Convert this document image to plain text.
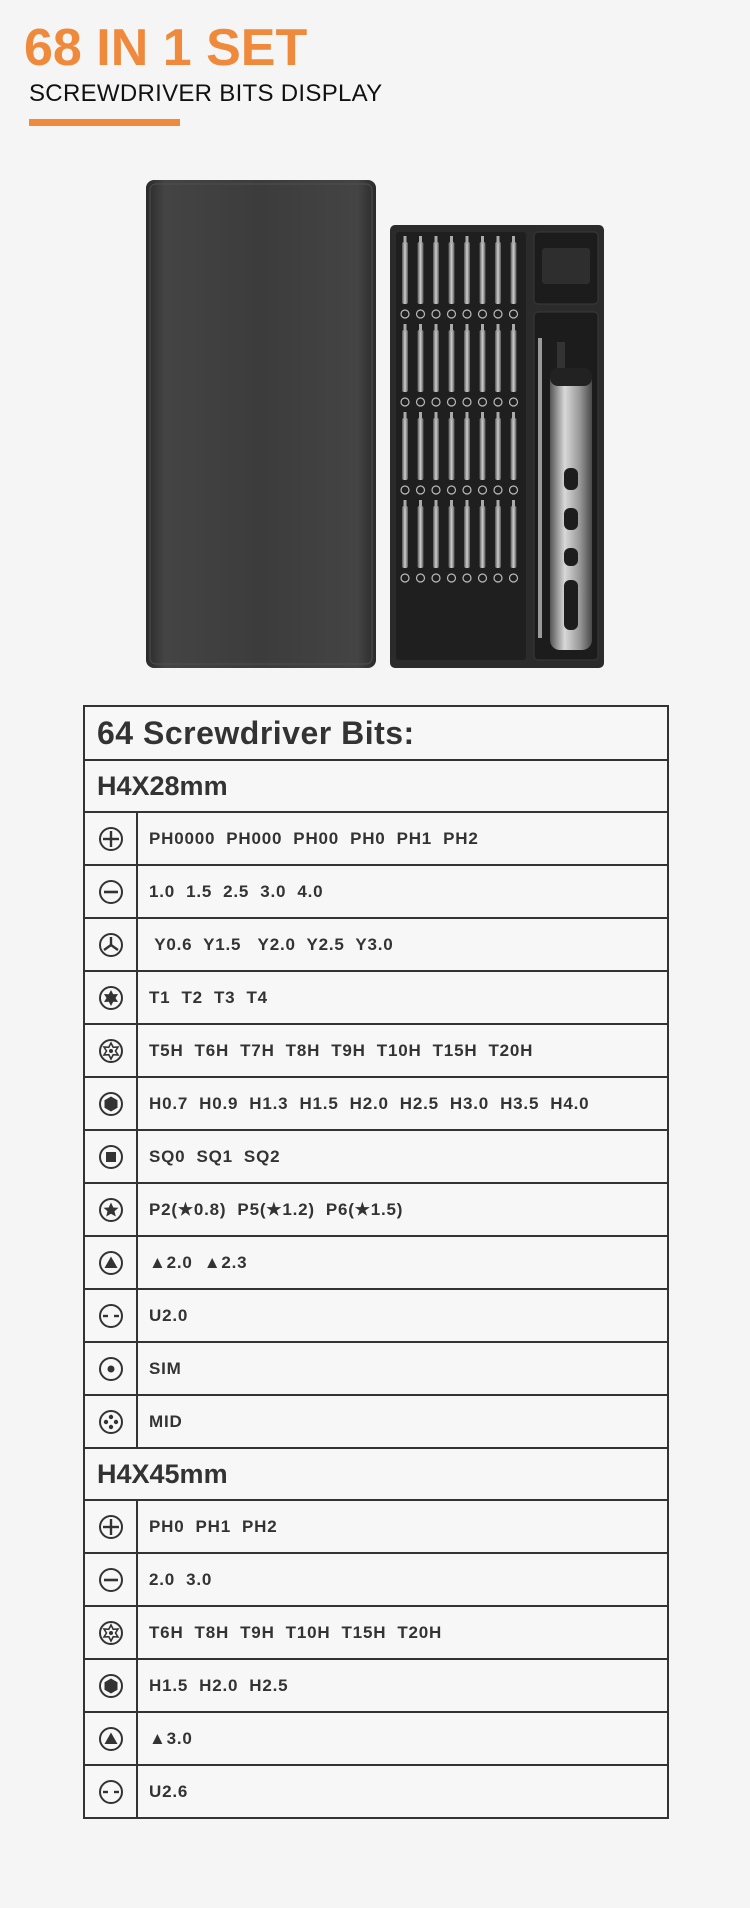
68 IN 1 SET
SCREWDRIVER BITS DISPLAY
64 Screwdriver Bits:
H4X28mm
PH0000  PH000  PH00  PH0  PH1  PH2
1.0  1.5  2.5  3.0  4.0
Y0.6  Y1.5   Y2.0  Y2.5  Y3.0
T1  T2  T3  T4
T5H  T6H  T7H  T8H  T9H  T10H  T15H  T20H
H0.7  H0.9  H1.3  H1.5  H2.0  H2.5  H3.0  H3.5  H4.0
SQ0  SQ1  SQ2
P2(★0.8)  P5(★1.2)  P6(★1.5)
▲2.0  ▲2.3
U2.0
SIM
MID
H4X45mm
PH0  PH1  PH2
2.0  3.0
T6H  T8H  T9H  T10H  T15H  T20H
H1.5  H2.0  H2.5
▲3.0
U2.6
